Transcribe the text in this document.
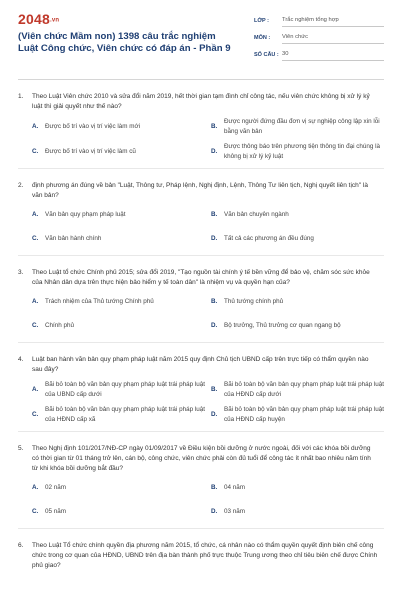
2048.vn
(Viên chức Mầm non) 1398 câu trắc nghiệm Luật Công chức, Viên chức có đáp án - Phần 9
LỚP :	Trắc nghiệm tổng hợp
MÔN :	Viên chức
SỐ CÂU : 30
1.	Theo Luật Viên chức 2010 và sửa đổi năm 2019, hết thời gian tạm đình chỉ công tác, nếu viên chức không bị xử lý kỷ luật thì giải quyết như thế nào?
A.	Được bố trí vào vị trí việc làm mới	B.
Được người đứng đầu đơn vị sự nghiệp công lập xin lỗi bằng văn bản
C.	Được bố trí vào vị trí việc làm cũ	D.
Được thông báo trên phương tiện thông tin đại chúng là không bị xử lý kỷ luật
2.	định phương án đúng về bản "Luật, Thông tư, Pháp lệnh, Nghị định, Lệnh, Thông Tư liên tịch, Nghị quyết liên tịch" là văn bản?
A.	Văn bản quy phạm pháp luật	B.	Văn bản chuyên ngành
C.	Văn bản hành chính	D.	Tất cả các phương án đều đúng
3.	Theo Luật tổ chức Chính phủ 2015; sửa đổi 2019, "Tạo nguồn tài chính ý tế bền vững để bảo vệ, chăm sóc sức khỏe của Nhân dân dựa trên thực hiện bảo hiểm y tế toàn dân" là nhiệm vụ và quyền hạn của?
A.	Trách nhiệm của Thủ tướng Chính phủ	B.	Thủ tướng chính phủ
C.	Chính phủ	D.	Bộ trưởng, Thủ trưởng cơ quan ngang bộ
4.	Luật ban hành văn bản quy phạm pháp luật năm 2015 quy định Chủ tịch UBND cấp trên trực tiếp có thẩm quyền nào sau đây?
A.
Bãi bỏ toàn bộ văn bản quy phạm pháp luật trái pháp luật của UBND cấp dưới
B.
Bãi bỏ toàn bộ văn bản quy phạm pháp luật trái pháp luật của HĐND cấp dưới
C.
Bãi bỏ toàn bộ văn bản quy phạm pháp luật trái pháp luật của HĐND cấp xã
D.
Bãi bỏ toàn bộ văn bản quy phạm pháp luật trái pháp luật của HĐND cấp huyện
5.	Theo Nghị định 101/2017/NĐ-CP ngày 01/09/2017 về Điều kiện bồi dưỡng ở nước ngoài, đối với các khóa bồi dưỡng có thời gian từ 01 tháng trở lên, cán bộ, công chức, viên chức phải còn đủ tuổi để công tác ít nhất bao nhiêu năm tính từ khi khóa bồi dưỡng bắt đầu?
A.	02 năm	B.	04 năm
C.	05 năm	D.	03 năm
6.	Theo Luật Tổ chức chính quyền địa phương năm 2015, tổ chức, cá nhân nào có thẩm quyền quyết định biên chế công chức trong cơ quan của HĐND, UBND trên địa bàn thành phố trực thuộc Trung ương theo chỉ tiêu biên chế được Chính phủ giao?
